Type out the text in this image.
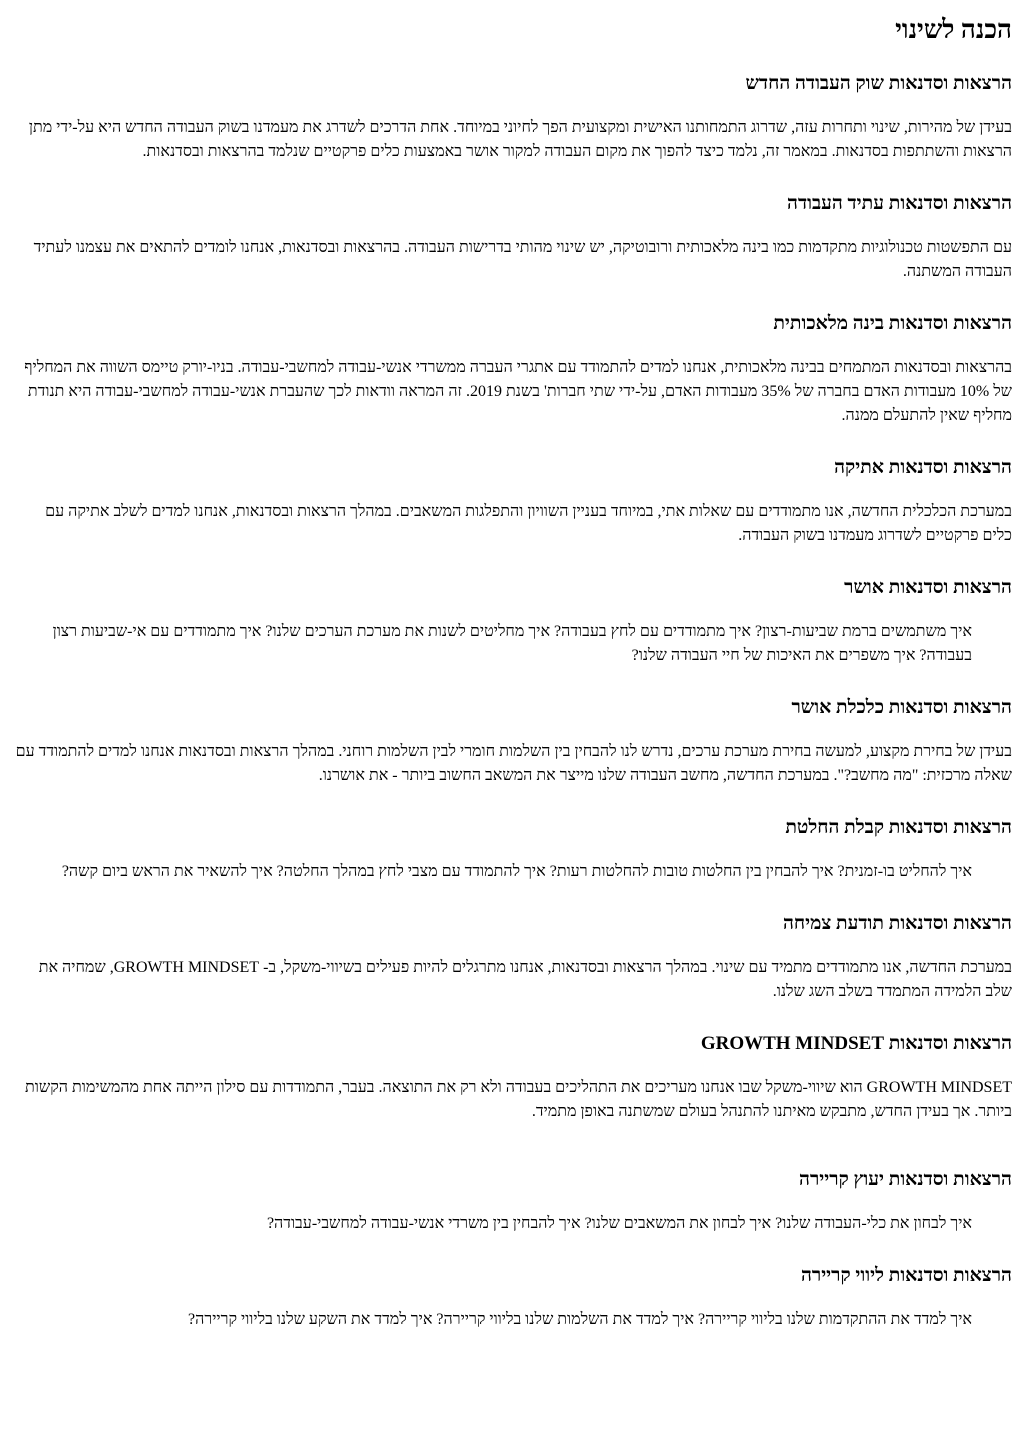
הכנה לשינוי
הרצאות וסדנאות שוק העבודה החדש

בעידן של מהירות, שינוי ותחרות עזה, שדרוג התמחותנו האישית ומקצועית הפך לחיוני במיוחד. אחת הדרכים לשדרג את מעמדנו בשוק העבודה החדש היא על-ידי מתן הרצאות והשתתפות בסדנאות. במאמר זה, נלמד כיצד להפוך את מקום העבודה למקור אושר באמצעות כלים פרקטיים שנלמד בהרצאות ובסדנאות.

הרצאות וסדנאות עתיד העבודה

עם התפשטות טכנולוגיות מתקדמות כמו בינה מלאכותית ורובוטיקה, יש שינוי מהותי בדרישות העבודה. בהרצאות ובסדנאות, אנחנו לומדים להתאים את עצמנו לעתיד העבודה המשתנה.

הרצאות וסדנאות בינה מלאכותית

בהרצאות ובסדנאות המתמחים בבינה מלאכותית, אנחנו למדים להתמודד עם אתגרי העברה ממשרדי אנשי-עבודה למחשבי-עבודה. בניו-יורק טיימס השווה את המחליף של 10% מעבודות האדם בחברה של 35% מעבודות האדם, על-ידי שתי חברות' בשנת 2019. זה המראה וודאות לכך שהעברת אנשי-עבודה למחשבי-עבודה היא תנודת מחליף שאין להתעלם ממנה.

הרצאות וסדנאות אתיקה

במערכת הכלכלית החדשה, אנו מתמודדים עם שאלות אתי, במיוחד בעניין השוויון והתפלגות המשאבים. במהלך הרצאות ובסדנאות, אנחנו למדים לשלב אתיקה עם כלים פרקטיים לשדרוג מעמדנו בשוק העבודה.

הרצאות וסדנאות אושר

איך משתמשים ברמת שביעות-רצון? איך מתמודדים עם לחץ בעבודה? איך מחליטים לשנות את מערכת הערכים שלנו? איך מתמודדים עם אי-שביעות רצון בעבודה? איך משפרים את האיכות של חיי העבודה שלנו?

הרצאות וסדנאות כלכלת אושר

בעידן של בחירת מקצוע, למעשה בחירת מערכת ערכים, נדרש לנו להבחין בין השלמות חומרי לבין השלמות רוחני. במהלך הרצאות ובסדנאות אנחנו למדים להתמודד עם שאלה מרכזית: "מה מחשב?". במערכת החדשה, מחשב העבודה שלנו מייצר את המשאב החשוב ביותר - את אושרנו.

הרצאות וסדנאות קבלת החלטת

איך להחליט בו-זמנית? איך להבחין בין החלטות טובות להחלטות רעות? איך להתמודד עם מצבי לחץ במהלך החלטה? איך להשאיר את הראש ביום קשה?

הרצאות וסדנאות תודעת צמיחה

במערכת החדשה, אנו מתמודדים מתמיד עם שינוי. במהלך הרצאות ובסדנאות, אנחנו מתרגלים להיות פעילים בשיווי-משקל, ב- GROWTH MINDSET, שמחיה את שלב הלמידה המתמדד בשלב השג שלנו.

הרצאות וסדנאות GROWTH MINDSET

GROWTH MINDSET הוא שיווי-משקל שבו אנחנו מעריכים את התהליכים בעבודה ולא רק את התוצאה. בעבר, התמודדות עם סילון הייתה אחת מהמשימות הקשות ביותר. אך בעידן החדש, מתבקש מאיתנו להתנהל בעולם שמשתנה באופן מתמיד.

הרצאות וסדנאות יעוץ קריירה

איך לבחון את כלי-העבודה שלנו? איך לבחון את המשאבים שלנו? איך להבחין בין משרדי אנשי-עבודה למחשבי-עבודה?

הרצאות וסדנאות ליווי קריירה

איך למדד את ההתקדמות שלנו בליווי קריירה? איך למדד את השלמות שלנו בליווי קריירה? איך למדד את השקע שלנו בליווי קריירה?
